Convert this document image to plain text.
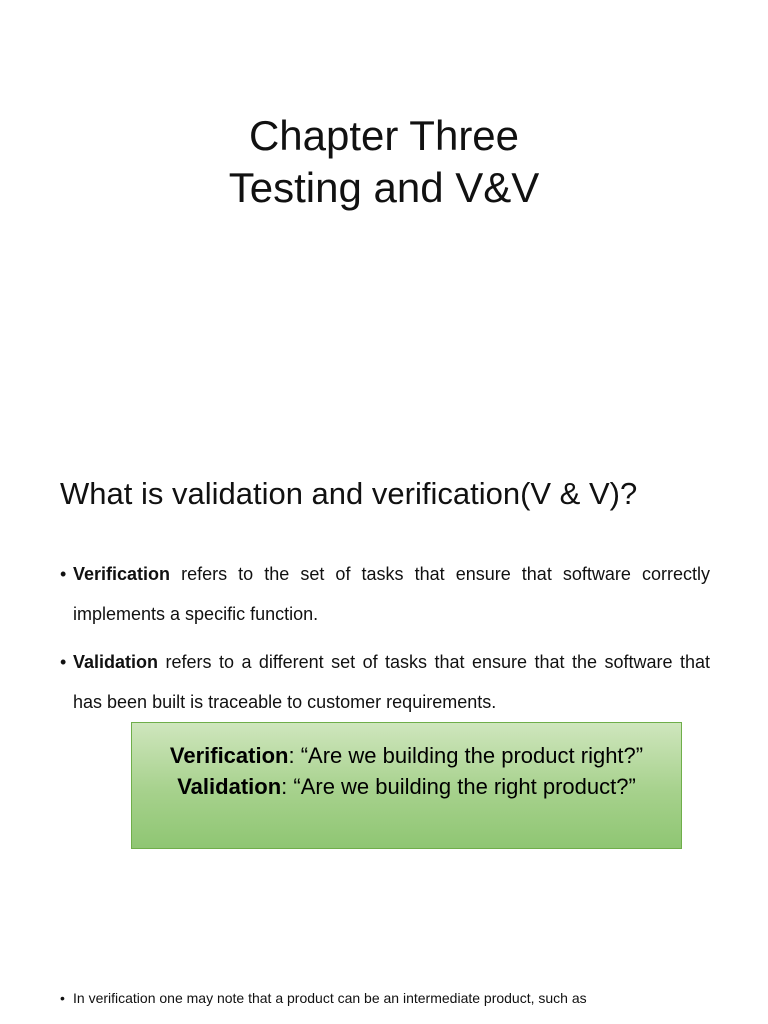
Chapter Three
Testing and V&V
What is validation and verification(V & V)?
• Verification refers to the set of tasks that ensure that software correctly implements a specific function.
• Validation refers to a different set of tasks that ensure that the software that has been built is traceable to customer requirements.
Verification: “Are we building the product right?”
Validation: “Are we building the right product?”
• In verification one may note that a product can be an intermediate product, such as
